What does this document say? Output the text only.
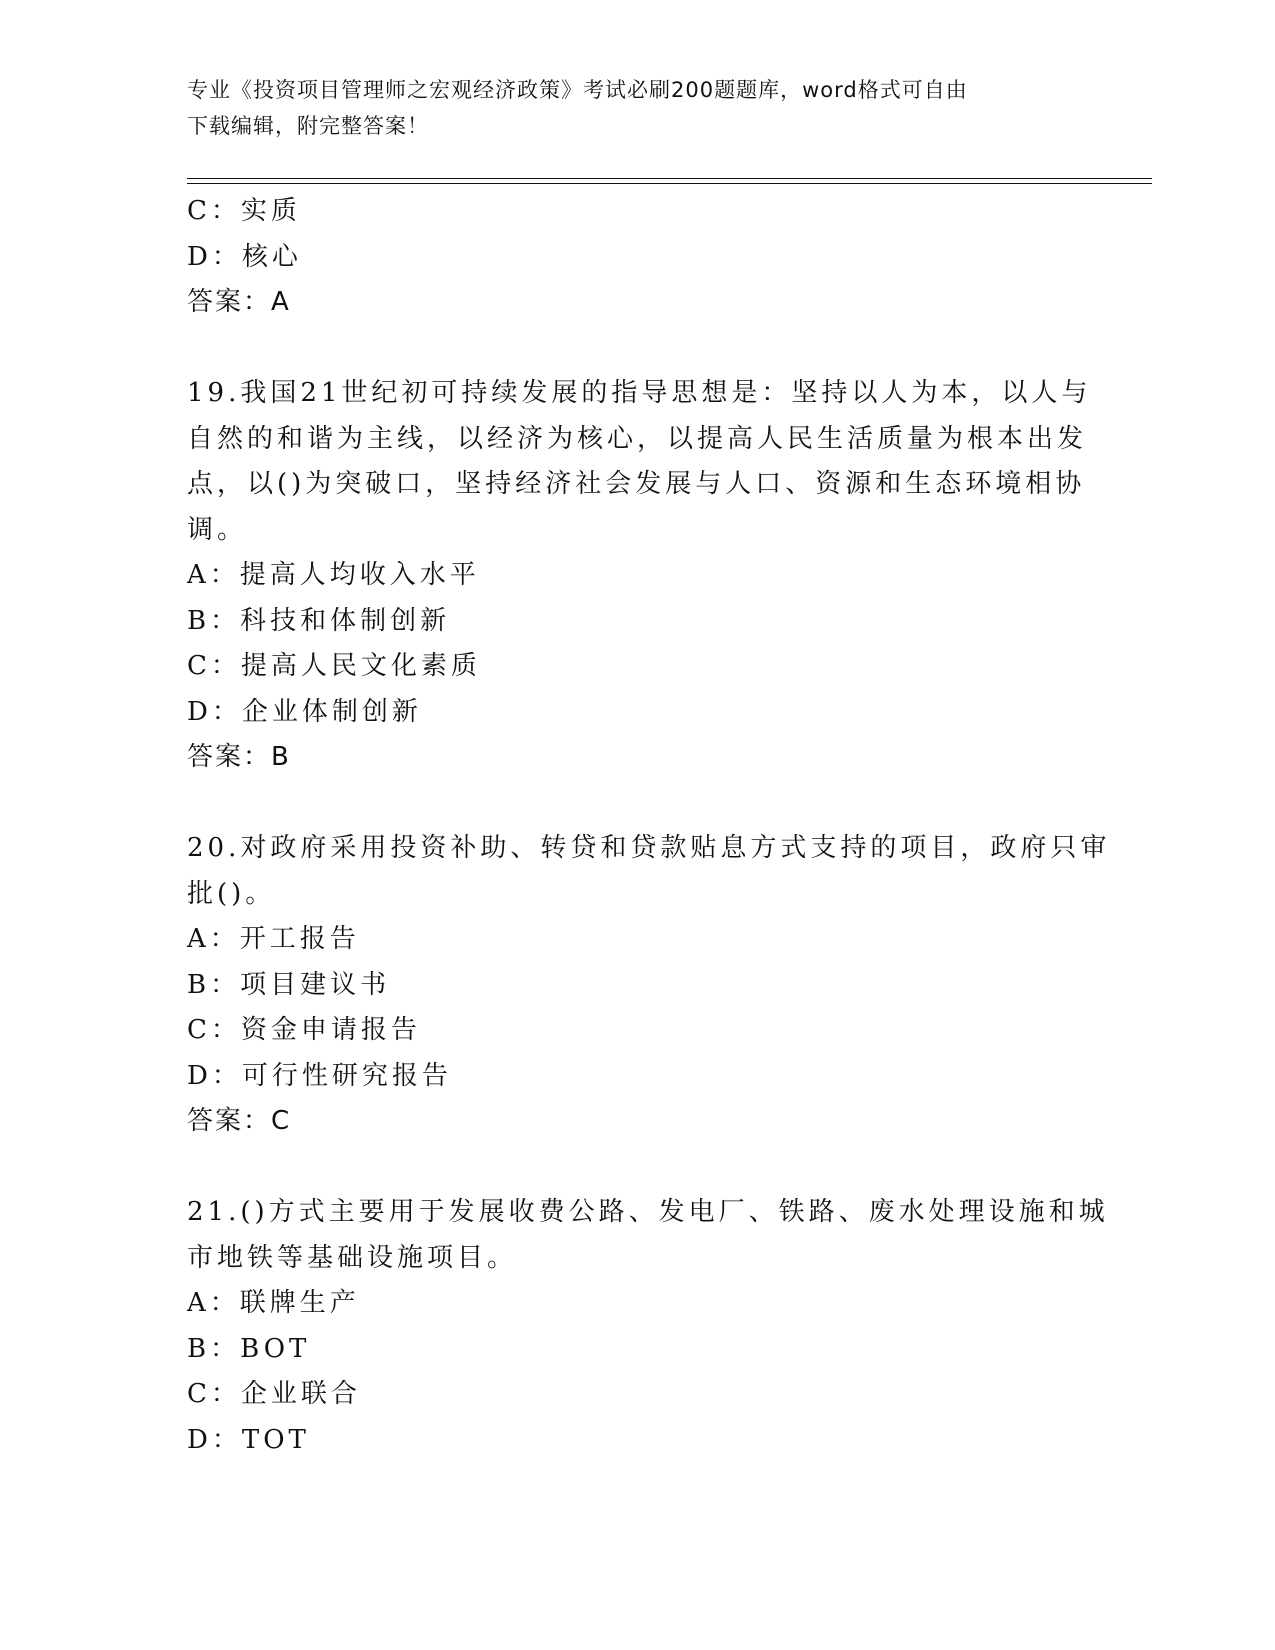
专业《投资项目管理师之宏观经济政策》考试必刷200题题库，word格式可自由
下载编辑，附完整答案！
C：实质
D：核心
答案：A
19.我国21世纪初可持续发展的指导思想是：坚持以人为本，以人与
自然的和谐为主线，以经济为核心，以提高人民生活质量为根本出发
点，以()为突破口，坚持经济社会发展与人口、资源和生态环境相协
调。
A：提高人均收入水平
B：科技和体制创新
C：提高人民文化素质
D：企业体制创新
答案：B
20.对政府采用投资补助、转贷和贷款贴息方式支持的项目，政府只审
批()。
A：开工报告
B：项目建议书
C：资金申请报告
D：可行性研究报告
答案：C
21.()方式主要用于发展收费公路、发电厂、铁路、废水处理设施和城
市地铁等基础设施项目。
A：联牌生产
B：BOT
C：企业联合
D：TOT
